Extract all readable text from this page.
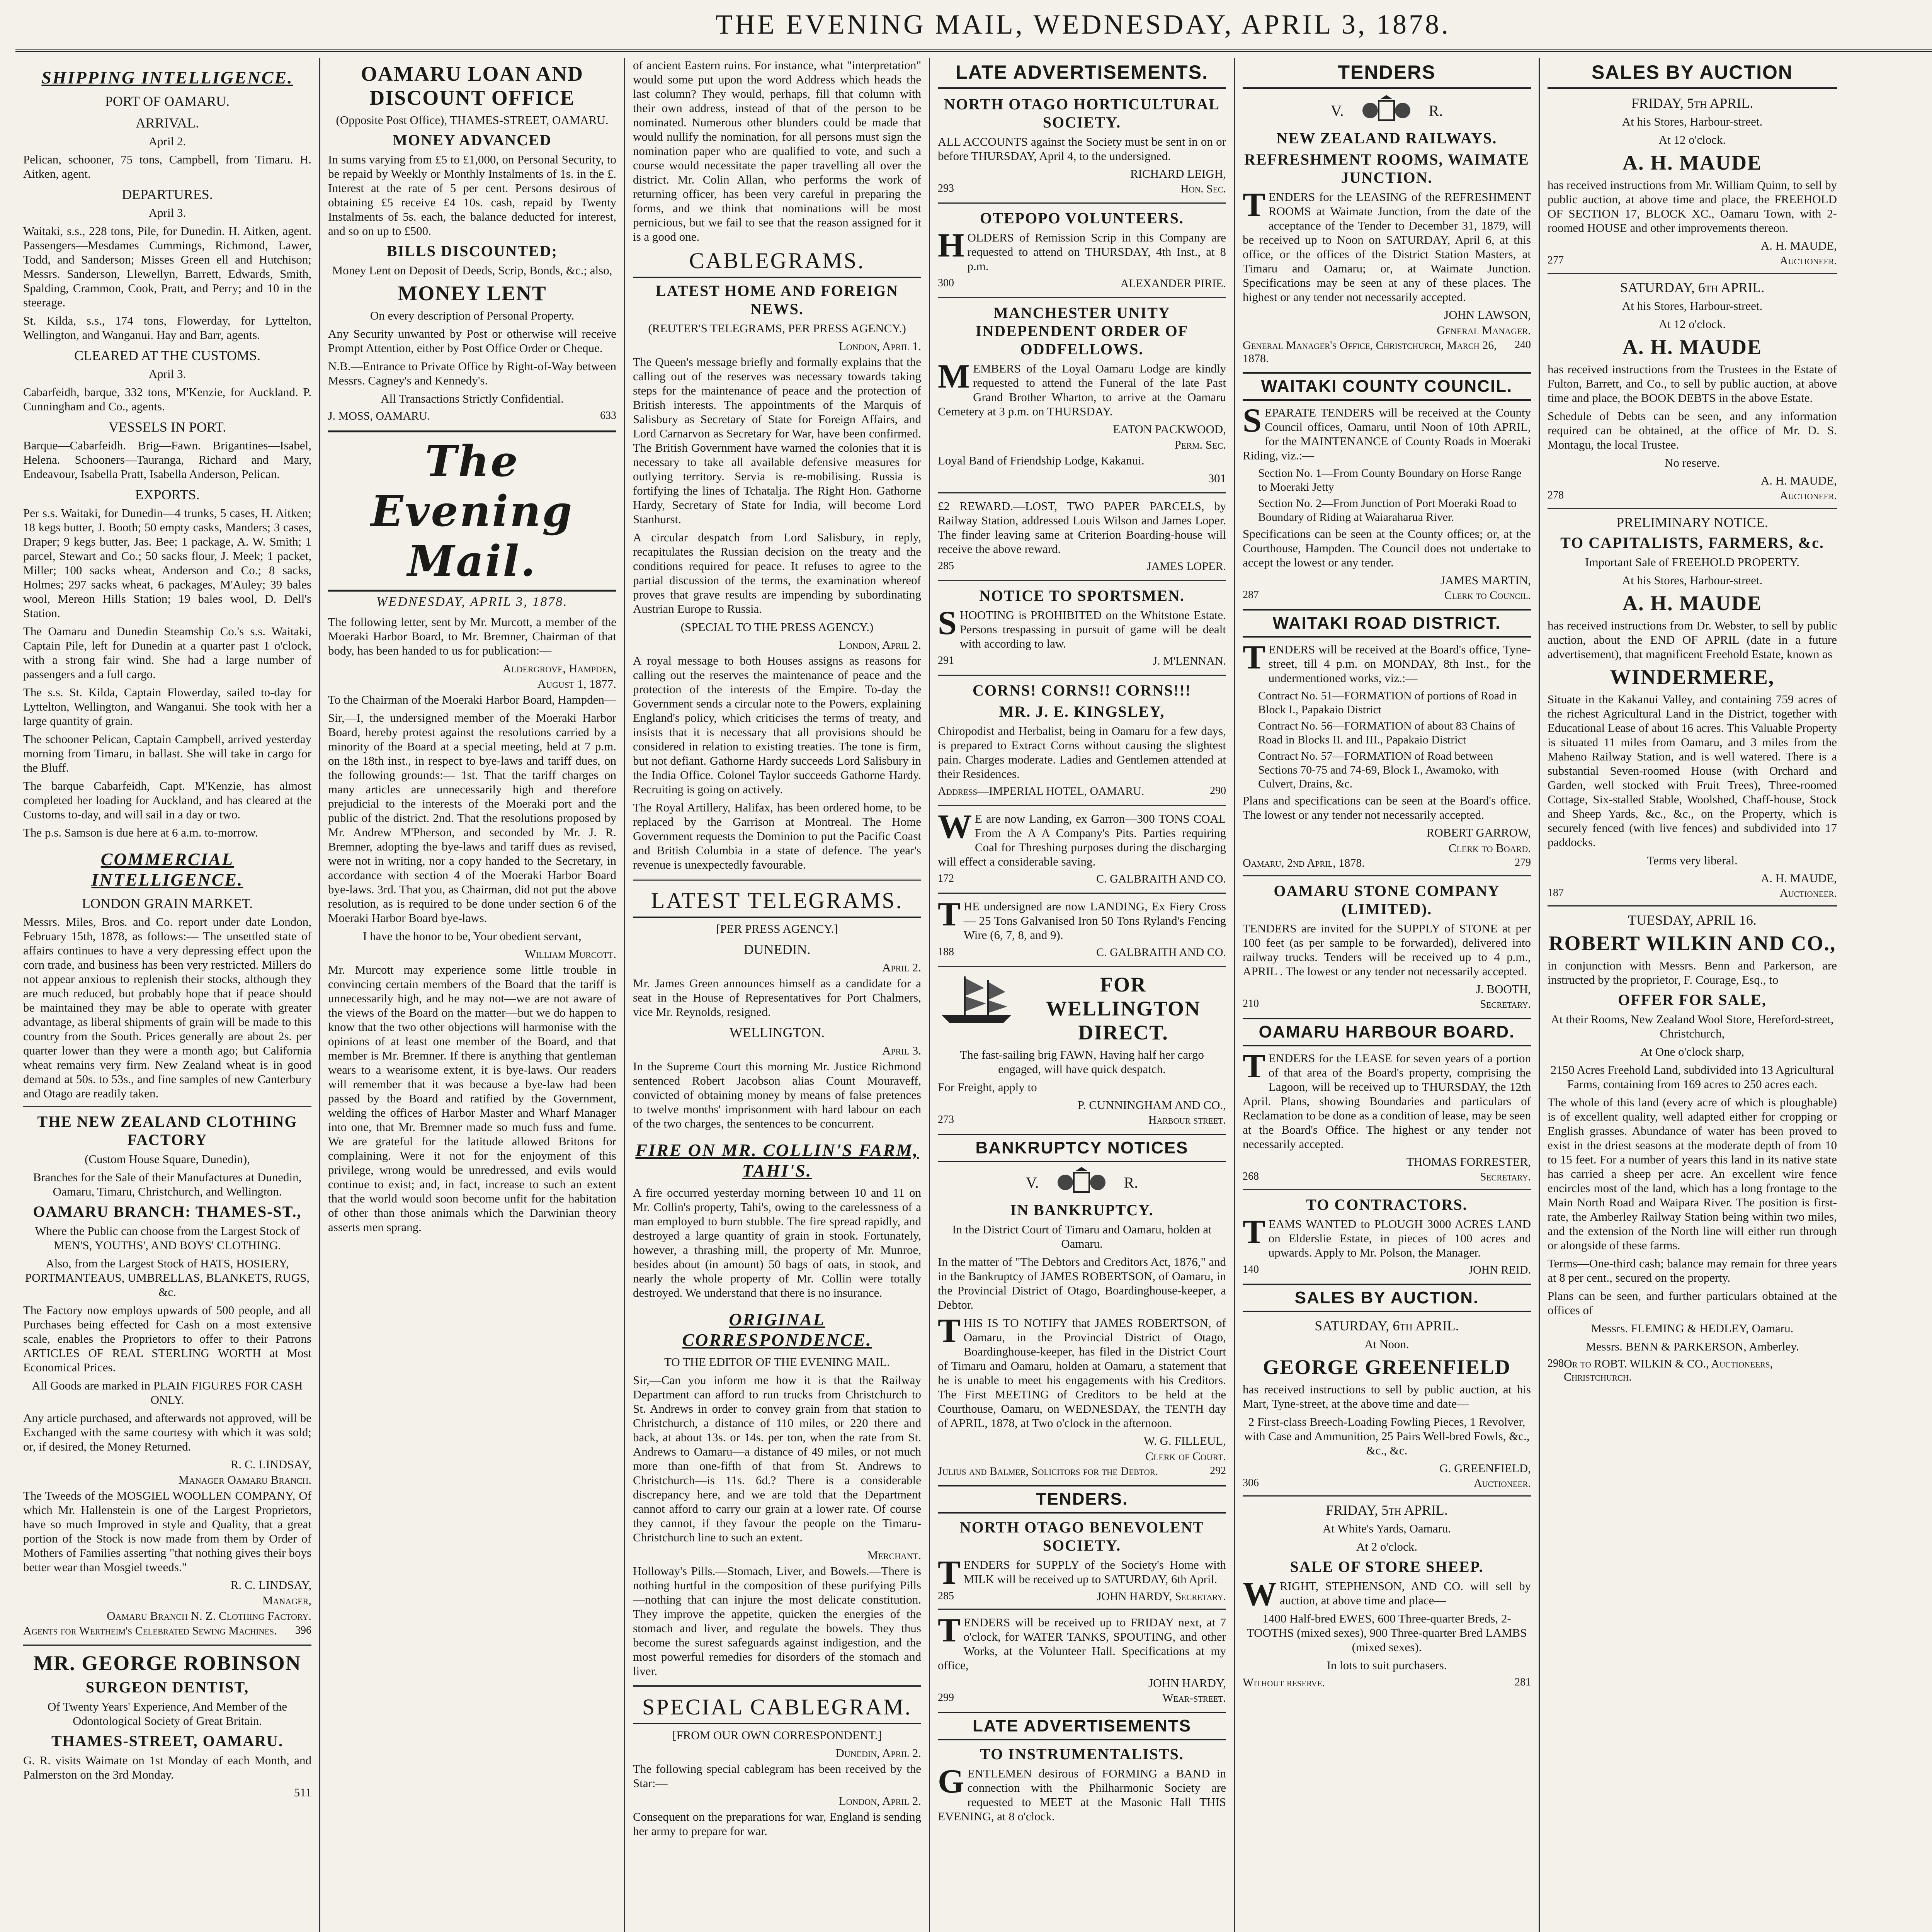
THE EVENING MAIL, WEDNESDAY, APRIL 3, 1878.
SHIPPING INTELLIGENCE.
PORT OF OAMARU.
ARRIVAL.
April 2.

Pelican, schooner, 75 tons, Campbell, from Timaru. H. Aitken, agent.

DEPARTURES.
April 3.

Waitaki, s.s., 228 tons, Pile, for Dunedin. H. Aitken, agent. Passengers—Mesdames Cummings, Richmond, Lawer, Todd, and Sanderson; Misses Green ell and Hutchison; Messrs. Sanderson, Llewellyn, Barrett, Edwards, Smith, Spalding, Crammon, Cook, Pratt, and Perry; and 10 in the steerage.

St. Kilda, s.s., 174 tons, Flowerday, for Lyttelton, Wellington, and Wanganui. Hay and Barr, agents.

CLEARED AT THE CUSTOMS.
April 3.

Cabarfeidh, barque, 332 tons, M'Kenzie, for Auckland. P. Cunningham and Co., agents.

VESSELS IN PORT.

Barque—Cabarfeidh. Brig—Fawn. Brigantines—Isabel, Helena. Schooners—Tauranga, Richard and Mary, Endeavour, Isabella Pratt, Isabella Anderson, Pelican.

EXPORTS.

Per s.s. Waitaki, for Dunedin—4 trunks, 5 cases, H. Aitken; 18 kegs butter, J. Booth; 50 empty casks, Manders; 3 cases, Draper; 9 kegs butter, Jas. Bee; 1 package, A. W. Smith; 1 parcel, Stewart and Co.; 50 sacks flour, J. Meek; 1 packet, Miller; 100 sacks wheat, Anderson and Co.; 8 sacks, Holmes; 297 sacks wheat, 6 packages, M'Auley; 39 bales wool, Mereon Hills Station; 19 bales wool, D. Dell's Station.

The Oamaru and Dunedin Steamship Co.'s s.s. Waitaki, Captain Pile, left for Dunedin at a quarter past 1 o'clock, with a strong fair wind. She had a large number of passengers and a full cargo.

The s.s. St. Kilda, Captain Flowerday, sailed to-day for Lyttelton, Wellington, and Wanganui. She took with her a large quantity of grain.

The schooner Pelican, Captain Campbell, arrived yesterday morning from Timaru, in ballast. She will take in cargo for the Bluff.

The barque Cabarfeidh, Capt. M'Kenzie, has almost completed her loading for Auckland, and has cleared at the Customs to-day, and will sail in a day or two.

The p.s. Samson is due here at 6 a.m. to-morrow.

COMMERCIAL INTELLIGENCE.
LONDON GRAIN MARKET.

Messrs. Miles, Bros. and Co. report under date London, February 15th, 1878, as follows:— The unsettled state of affairs continues to have a very depressing effect upon the corn trade, and business has been very restricted. Millers do not appear anxious to replenish their stocks, although they are much reduced, but probably hope that if peace should be maintained they may be able to operate with greater advantage, as liberal shipments of grain will be made to this country from the South. Prices generally are about 2s. per quarter lower than they were a month ago; but California wheat remains very firm. New Zealand wheat is in good demand at 50s. to 53s., and fine samples of new Canterbury and Otago are readily taken.

THE NEW ZEALAND CLOTHING FACTORY
(Custom House Square, Dunedin),

Branches for the Sale of their Manufactures at Dunedin, Oamaru, Timaru, Christchurch, and Wellington.

OAMARU BRANCH: THAMES-ST.,

Where the Public can choose from the Largest Stock of MEN'S, YOUTHS', AND BOYS' CLOTHING.

Also, from the Largest Stock of HATS, HOSIERY, PORTMANTEAUS, UMBRELLAS, BLANKETS, RUGS, &c.

The Factory now employs upwards of 500 people, and all Purchases being effected for Cash on a most extensive scale, enables the Proprietors to offer to their Patrons ARTICLES OF REAL STERLING WORTH at Most Economical Prices.

All Goods are marked in PLAIN FIGURES FOR CASH ONLY.

Any article purchased, and afterwards not approved, will be Exchanged with the same courtesy with which it was sold; or, if desired, the Money Returned.

R. C. LINDSAY,
Manager Oamaru Branch.

The Tweeds of the MOSGIEL WOOLLEN COMPANY, Of which Mr. Hallenstein is one of the Largest Proprietors, have so much Improved in style and Quality, that a great portion of the Stock is now made from them by Order of Mothers of Families asserting "that nothing gives their boys better wear than Mosgiel tweeds."

R. C. LINDSAY,
Manager,
Oamaru Branch N. Z. Clothing Factory.
Agents for Wertheim's Celebrated Sewing Machines. 396
MR. GEORGE ROBINSON
SURGEON DENTIST,

Of Twenty Years' Experience, And Member of the Odontological Society of Great Britain.

THAMES-STREET, OAMARU.

G. R. visits Waimate on 1st Monday of each Month, and Palmerston on the 3rd Monday.

511
OAMARU LOAN AND DISCOUNT OFFICE
(Opposite Post Office), THAMES-STREET, OAMARU.
MONEY ADVANCED

In sums varying from £5 to £1,000, on Personal Security, to be repaid by Weekly or Monthly Instalments of 1s. in the £. Interest at the rate of 5 per cent. Persons desirous of obtaining £5 receive £4 10s. cash, repaid by Twenty Instalments of 5s. each, the balance deducted for interest, and so on up to £500.

BILLS DISCOUNTED;

Money Lent on Deposit of Deeds, Scrip, Bonds, &c.; also,

MONEY LENT

On every description of Personal Property.

Any Security unwanted by Post or otherwise will receive Prompt Attention, either by Post Office Order or Cheque.

N.B.—Entrance to Private Office by Right-of-Way between Messrs. Cagney's and Kennedy's.

All Transactions Strictly Confidential.

J. MOSS, OAMARU.	633
The Evening Mail.
WEDNESDAY, APRIL 3, 1878.

The following letter, sent by Mr. Murcott, a member of the Moeraki Harbor Board, to Mr. Bremner, Chairman of that body, has been handed to us for publication:—

Aldergrove, Hampden,
August 1, 1877.

To the Chairman of the Moeraki Harbor Board, Hampden—

Sir,—I, the undersigned member of the Moeraki Harbor Board, hereby protest against the resolutions carried by a minority of the Board at a special meeting, held at 7 p.m. on the 18th inst., in respect to bye-laws and tariff dues, on the following grounds:— 1st. That the tariff charges on many articles are unnecessarily high and therefore prejudicial to the interests of the Moeraki port and the public of the district. 2nd. That the resolutions proposed by Mr. Andrew M'Pherson, and seconded by Mr. J. R. Bremner, adopting the bye-laws and tariff dues as revised, were not in writing, nor a copy handed to the Secretary, in accordance with section 4 of the Moeraki Harbor Board bye-laws. 3rd. That you, as Chairman, did not put the above resolution, as is required to be done under section 6 of the Moeraki Harbor Board bye-laws.

I have the honor to be, Your obedient servant,

William Murcott.

Mr. Murcott may experience some little trouble in convincing certain members of the Board that the tariff is unnecessarily high, and he may not—we are not aware of the views of the Board on the matter—but we do happen to know that the two other objections will harmonise with the opinions of at least one member of the Board, and that member is Mr. Bremner. If there is anything that gentleman wears to a wearisome extent, it is bye-laws. Our readers will remember that it was because a bye-law had been passed by the Board and ratified by the Government, welding the offices of Harbor Master and Wharf Manager into one, that Mr. Bremner made so much fuss and fume. We are grateful for the latitude allowed Britons for complaining. Were it not for the enjoyment of this privilege, wrong would be unredressed, and evils would continue to exist; and, in fact, increase to such an extent that the world would soon become unfit for the habitation of other than those animals which the Darwinian theory asserts men sprang.

of ancient Eastern ruins. For instance, what "interpretation" would some put upon the word Address which heads the last column? They would, perhaps, fill that column with their own address, instead of that of the person to be nominated. Numerous other blunders could be made that would nullify the nomination, for all persons must sign the nomination paper who are qualified to vote, and such a course would necessitate the paper travelling all over the district. Mr. Colin Allan, who performs the work of returning officer, has been very careful in preparing the forms, and we think that nominations will be most pernicious, but we fail to see that the reason assigned for it is a good one.

CABLEGRAMS.
LATEST HOME AND FOREIGN NEWS.
(REUTER'S TELEGRAMS, PER PRESS AGENCY.)
London, April 1.

The Queen's message briefly and formally explains that the calling out of the reserves was necessary towards taking steps for the maintenance of peace and the protection of British interests. The appointments of the Marquis of Salisbury as Secretary of State for Foreign Affairs, and Lord Carnarvon as Secretary for War, have been confirmed. The British Government have warned the colonies that it is necessary to take all available defensive measures for outlying territory. Servia is re-mobilising. Russia is fortifying the lines of Tchatalja. The Right Hon. Gathorne Hardy, Secretary of State for India, will become Lord Stanhurst.

A circular despatch from Lord Salisbury, in reply, recapitulates the Russian decision on the treaty and the conditions required for peace. It refuses to agree to the partial discussion of the terms, the examination whereof proves that grave results are impending by subordinating Austrian Europe to Russia.

(SPECIAL TO THE PRESS AGENCY.)
London, April 2.

A royal message to both Houses assigns as reasons for calling out the reserves the maintenance of peace and the protection of the interests of the Empire. To-day the Government sends a circular note to the Powers, explaining England's policy, which criticises the terms of treaty, and insists that it is necessary that all provisions should be considered in relation to existing treaties. The tone is firm, but not defiant. Gathorne Hardy succeeds Lord Salisbury in the India Office. Colonel Taylor succeeds Gathorne Hardy. Recruiting is going on actively.

The Royal Artillery, Halifax, has been ordered home, to be replaced by the Garrison at Montreal. The Home Government requests the Dominion to put the Pacific Coast and British Columbia in a state of defence. The year's revenue is unexpectedly favourable.

LATEST TELEGRAMS.
[PER PRESS AGENCY.]
DUNEDIN.
April 2.

Mr. James Green announces himself as a candidate for a seat in the House of Representatives for Port Chalmers, vice Mr. Reynolds, resigned.

WELLINGTON.
April 3.

In the Supreme Court this morning Mr. Justice Richmond sentenced Robert Jacobson alias Count Mouraveff, convicted of obtaining money by means of false pretences to twelve months' imprisonment with hard labour on each of the two charges, the sentences to be concurrent.

FIRE ON MR. COLLIN'S FARM, TAHI'S.

A fire occurred yesterday morning between 10 and 11 on Mr. Collin's property, Tahi's, owing to the carelessness of a man employed to burn stubble. The fire spread rapidly, and destroyed a large quantity of grain in stook. Fortunately, however, a thrashing mill, the property of Mr. Munroe, besides about (in amount) 50 bags of oats, in stook, and nearly the whole property of Mr. Collin were totally destroyed. We understand that there is no insurance.

ORIGINAL CORRESPONDENCE.
TO THE EDITOR OF THE EVENING MAIL.

Sir,—Can you inform me how it is that the Railway Department can afford to run trucks from Christchurch to St. Andrews in order to convey grain from that station to Christchurch, a distance of 110 miles, or 220 there and back, at about 13s. or 14s. per ton, when the rate from St. Andrews to Oamaru—a distance of 49 miles, or not much more than one-fifth of that from St. Andrews to Christchurch—is 11s. 6d.? There is a considerable discrepancy here, and we are told that the Department cannot afford to carry our grain at a lower rate. Of course they cannot, if they favour the people on the Timaru-Christchurch line to such an extent.

Merchant.

Holloway's Pills.—Stomach, Liver, and Bowels.—There is nothing hurtful in the composition of these purifying Pills—nothing that can injure the most delicate constitution. They improve the appetite, quicken the energies of the stomach and liver, and regulate the bowels. They thus become the surest safeguards against indigestion, and the most powerful remedies for disorders of the stomach and liver.

SPECIAL CABLEGRAM.
[FROM OUR OWN CORRESPONDENT.]
Dunedin, April 2.

The following special cablegram has been received by the Star:—

London, April 2.

Consequent on the preparations for war, England is sending her army to prepare for war.

LATE ADVERTISEMENTS.
NORTH OTAGO HORTICULTURAL SOCIETY.

ALL ACCOUNTS against the Society must be sent in on or before THURSDAY, April 4, to the undersigned.

RICHARD LEIGH,
293	Hon. Sec.
OTEPOPO VOLUNTEERS.

HOLDERS of Remission Scrip in this Company are requested to attend on THURSDAY, 4th Inst., at 8 p.m.

300	ALEXANDER PIRIE.
MANCHESTER UNITY INDEPENDENT ORDER OF ODDFELLOWS.

MEMBERS of the Loyal Oamaru Lodge are kindly requested to attend the Funeral of the late Past Grand Brother Wharton, to arrive at the Oamaru Cemetery at 3 p.m. on THURSDAY.

EATON PACKWOOD,
Perm. Sec.

Loyal Band of Friendship Lodge, Kakanui.

301

£2 REWARD.—LOST, TWO PAPER PARCELS, by Railway Station, addressed Louis Wilson and James Loper. The finder leaving same at Criterion Boarding-house will receive the above reward.

285	JAMES LOPER.
NOTICE TO SPORTSMEN.

SHOOTING is PROHIBITED on the Whitstone Estate. Persons trespassing in pursuit of game will be dealt with according to law.

291	J. M'LENNAN.
CORNS! CORNS!! CORNS!!!
MR. J. E. KINGSLEY,

Chiropodist and Herbalist, being in Oamaru for a few days, is prepared to Extract Corns without causing the slightest pain. Charges moderate. Ladies and Gentlemen attended at their Residences.

Address—IMPERIAL HOTEL, OAMARU.	290

WE are now Landing, ex Garron—300 TONS COAL From the A A Company's Pits. Parties requiring Coal for Threshing purposes during the discharging will effect a considerable saving.

172	C. GALBRAITH AND CO.

THE undersigned are now LANDING, Ex Fiery Cross— 25 Tons Galvanised Iron 50 Tons Ryland's Fencing Wire (6, 7, 8, and 9).

188	C. GALBRAITH AND CO.
FOR WELLINGTON DIRECT.

The fast-sailing brig FAWN, Having half her cargo engaged, will have quick despatch.

For Freight, apply to

P. CUNNINGHAM AND CO.,
273	Harbour street.
BANKRUPTCY NOTICES
V.	R.
IN BANKRUPTCY.

In the District Court of Timaru and Oamaru, holden at Oamaru.

In the matter of "The Debtors and Creditors Act, 1876," and in the Bankruptcy of JAMES ROBERTSON, of Oamaru, in the Provincial District of Otago, Boardinghouse-keeper, a Debtor.

THIS IS TO NOTIFY that JAMES ROBERTSON, of Oamaru, in the Provincial District of Otago, Boardinghouse-keeper, has filed in the District Court of Timaru and Oamaru, holden at Oamaru, a statement that he is unable to meet his engagements with his Creditors. The First MEETING of Creditors to be held at the Courthouse, Oamaru, on WEDNESDAY, the TENTH day of APRIL, 1878, at Two o'clock in the afternoon.

W. G. FILLEUL,
Clerk of Court.
Julius and Balmer, Solicitors for the Debtor.	292
TENDERS.
NORTH OTAGO BENEVOLENT SOCIETY.

TENDERS for SUPPLY of the Society's Home with MILK will be received up to SATURDAY, 6th April.

285	JOHN HARDY, Secretary.

TENDERS will be received up to FRIDAY next, at 7 o'clock, for WATER TANKS, SPOUTING, and other Works, at the Volunteer Hall. Specifications at my office,

JOHN HARDY,
299	Wear-street.
LATE ADVERTISEMENTS
TO INSTRUMENTALISTS.

GENTLEMEN desirous of FORMING a BAND in connection with the Philharmonic Society are requested to MEET at the Masonic Hall THIS EVENING, at 8 o'clock.

TENDERS
V.	R.
NEW ZEALAND RAILWAYS.
REFRESHMENT ROOMS, WAIMATE JUNCTION.

TENDERS for the LEASING of the REFRESHMENT ROOMS at Waimate Junction, from the date of the acceptance of the Tender to December 31, 1879, will be received up to Noon on SATURDAY, April 6, at this office, or the offices of the District Station Masters, at Timaru and Oamaru; or, at Waimate Junction. Specifications may be seen at any of these places. The highest or any tender not necessarily accepted.

JOHN LAWSON,
General Manager.
General Manager's Office, Christchurch, March 26, 1878.
240
WAITAKI COUNTY COUNCIL.

SEPARATE TENDERS will be received at the County Council offices, Oamaru, until Noon of 10th APRIL, for the MAINTENANCE of County Roads in Moeraki Riding, viz.:—

Section No. 1—From County Boundary on Horse Range to Moeraki Jetty
Section No. 2—From Junction of Port Moeraki Road to Boundary of Riding at Waiaraharua River.

Specifications can be seen at the County offices; or, at the Courthouse, Hampden. The Council does not undertake to accept the lowest or any tender.

JAMES MARTIN,
287	Clerk to Council.
WAITAKI ROAD DISTRICT.

TENDERS will be received at the Board's office, Tyne-street, till 4 p.m. on MONDAY, 8th Inst., for the undermentioned works, viz.:—

Contract No. 51—FORMATION of portions of Road in Block I., Papakaio District
Contract No. 56—FORMATION of about 83 Chains of Road in Blocks II. and III., Papakaio District
Contract No. 57—FORMATION of Road between Sections 70-75 and 74-69, Block I., Awamoko, with Culvert, Drains, &c.

Plans and specifications can be seen at the Board's office. The lowest or any tender not necessarily accepted.

ROBERT GARROW,
Clerk to Board.
Oamaru, 2nd April, 1878.	279
OAMARU STONE COMPANY (LIMITED).

TENDERS are invited for the SUPPLY of STONE at per 100 feet (as per sample to be forwarded), delivered into railway trucks. Tenders will be received up to 4 p.m., APRIL . The lowest or any tender not necessarily accepted.

J. BOOTH,
210	Secretary.
OAMARU HARBOUR BOARD.

TENDERS for the LEASE for seven years of a portion of that area of the Board's property, comprising the Lagoon, will be received up to THURSDAY, the 12th April. Plans, showing Boundaries and particulars of Reclamation to be done as a condition of lease, may be seen at the Board's Office. The highest or any tender not necessarily accepted.

THOMAS FORRESTER,
268	Secretary.
TO CONTRACTORS.

TEAMS WANTED to PLOUGH 3000 ACRES LAND on Elderslie Estate, in pieces of 100 acres and upwards. Apply to Mr. Polson, the Manager.

140	JOHN REID.
SALES BY AUCTION.
SATURDAY, 6th APRIL.
At Noon.
GEORGE GREENFIELD

has received instructions to sell by public auction, at his Mart, Tyne-street, at the above time and date—

2 First-class Breech-Loading Fowling Pieces, 1 Revolver, with Case and Ammunition, 25 Pairs Well-bred Fowls, &c., &c., &c.

G. GREENFIELD,
306	Auctioneer.
FRIDAY, 5th APRIL.
At White's Yards, Oamaru.
At 2 o'clock.
SALE OF STORE SHEEP.

WRIGHT, STEPHENSON, AND CO. will sell by auction, at above time and place—

1400 Half-bred EWES, 600 Three-quarter Breds, 2-TOOTHS (mixed sexes), 900 Three-quarter Bred LAMBS (mixed sexes).

In lots to suit purchasers.
Without reserve.	281
SALES BY AUCTION
FRIDAY, 5th APRIL.
At his Stores, Harbour-street.
At 12 o'clock.
A. H. MAUDE

has received instructions from Mr. William Quinn, to sell by public auction, at above time and place, the FREEHOLD OF SECTION 17, BLOCK XC., Oamaru Town, with 2-roomed HOUSE and other improvements thereon.

A. H. MAUDE,
277	Auctioneer.
SATURDAY, 6th APRIL.
At his Stores, Harbour-street.
At 12 o'clock.
A. H. MAUDE

has received instructions from the Trustees in the Estate of Fulton, Barrett, and Co., to sell by public auction, at above time and place, the BOOK DEBTS in the above Estate.

Schedule of Debts can be seen, and any information required can be obtained, at the office of Mr. D. S. Montagu, the local Trustee.

No reserve.
A. H. MAUDE,
278	Auctioneer.
PRELIMINARY NOTICE.
TO CAPITALISTS, FARMERS, &c.
Important Sale of FREEHOLD PROPERTY.
At his Stores, Harbour-street.
A. H. MAUDE

has received instructions from Dr. Webster, to sell by public auction, about the END OF APRIL (date in a future advertisement), that magnificent Freehold Estate, known as

WINDERMERE,

Situate in the Kakanui Valley, and containing 759 acres of the richest Agricultural Land in the District, together with Educational Lease of about 16 acres. This Valuable Property is situated 11 miles from Oamaru, and 3 miles from the Maheno Railway Station, and is well watered. There is a substantial Seven-roomed House (with Orchard and Garden, well stocked with Fruit Trees), Three-roomed Cottage, Six-stalled Stable, Woolshed, Chaff-house, Stock and Sheep Yards, &c., &c., on the Property, which is securely fenced (with live fences) and subdivided into 17 paddocks.

Terms very liberal.
A. H. MAUDE,
187	Auctioneer.
TUESDAY, APRIL 16.
ROBERT WILKIN AND CO.,

in conjunction with Messrs. Benn and Parkerson, are instructed by the proprietor, F. Courage, Esq., to

OFFER FOR SALE,

At their Rooms, New Zealand Wool Store, Hereford-street, Christchurch,

At One o'clock sharp,

2150 Acres Freehold Land, subdivided into 13 Agricultural Farms, containing from 169 acres to 250 acres each.

The whole of this land (every acre of which is ploughable) is of excellent quality, well adapted either for cropping or English grasses. Abundance of water has been proved to exist in the driest seasons at the moderate depth of from 10 to 15 feet. For a number of years this land in its native state has carried a sheep per acre. An excellent wire fence encircles most of the land, which has a long frontage to the Main North Road and Waipara River. The position is first-rate, the Amberley Railway Station being within two miles, and the extension of the North line will either run through or alongside of these farms.

Terms—One-third cash; balance may remain for three years at 8 per cent., secured on the property.

Plans can be seen, and further particulars obtained at the offices of

Messrs. FLEMING & HEDLEY, Oamaru.
Messrs. BENN & PARKERSON, Amberley.
298 Or to ROBT. WILKIN & CO., Auctioneers, Christchurch.
